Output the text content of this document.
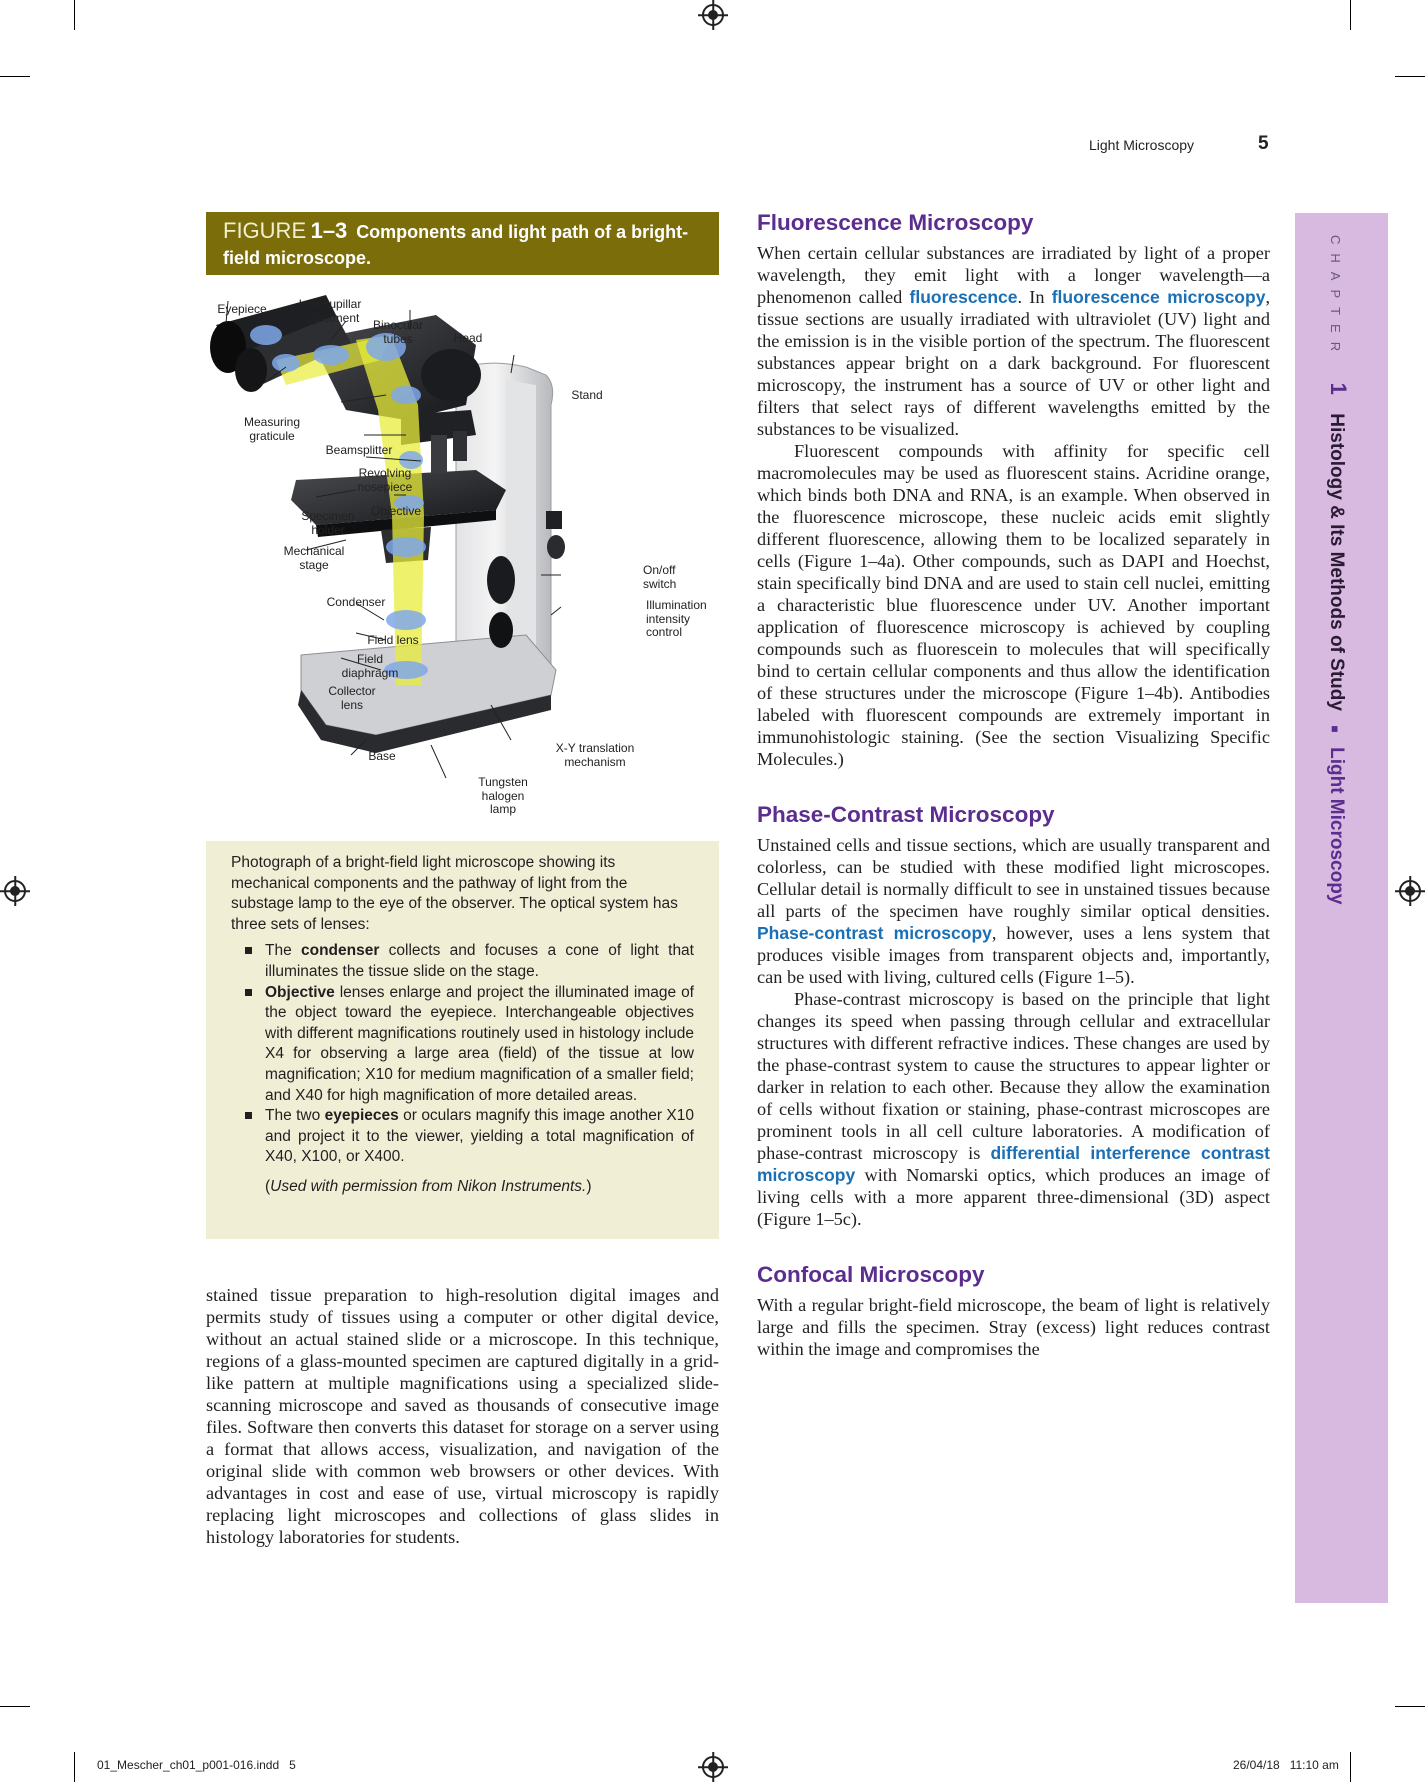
Light Microscopy	5
FIGURE 1–3 Components and light path of a bright-field microscope.
Eyepiece	Interpupillar adjustment
Binocular tubes	Head
Stand
Measuring graticule
Beamsplitter
Revolving nosepiece
Objective
Specimen holder
Mechanical stage	On/off switch
Condenser	Illumination intensity control
Field lens
Field diaphragm
Collector lens
Base
X-Y translation mechanism
Tungsten halogen lamp
Photograph of a bright-field light microscope showing its mechanical components and the pathway of light from the substage lamp to the eye of the observer. The optical system has three sets of lenses:
The condenser collects and focuses a cone of light that illuminates the tissue slide on the stage.
Objective lenses enlarge and project the illuminated image of the object toward the eyepiece. Interchangeable objectives with different magnifications routinely used in histology include X4 for observing a large area (field) of the tissue at low magnification; X10 for medium magnification of a smaller field; and X40 for high magnification of more detailed areas.
The two eyepieces or oculars magnify this image another X10 and project it to the viewer, yielding a total magnification of X40, X100, or X400.
(Used with permission from Nikon Instruments.)

stained tissue preparation to high-resolution digital images and permits study of tissues using a computer or other digital device, without an actual stained slide or a microscope. In this technique, regions of a glass-mounted specimen are captured digitally in a grid-like pattern at multiple magnifications using a specialized slide-scanning microscope and saved as thousands of consecutive image files. Software then converts this dataset for storage on a server using a format that allows access, visualization, and navigation of the original slide with common web browsers or other devices. With advantages in cost and ease of use, virtual microscopy is rapidly replacing light microscopes and collections of glass slides in histology laboratories for students.

Fluorescence Microscopy

When certain cellular substances are irradiated by light of a proper wavelength, they emit light with a longer wavelength—a phenomenon called fluorescence. In fluorescence microscopy, tissue sections are usually irradiated with ultraviolet (UV) light and the emission is in the visible portion of the spectrum. The fluorescent substances appear bright on a dark background. For fluorescent microscopy, the instrument has a source of UV or other light and filters that select rays of different wavelengths emitted by the substances to be visualized.

Fluorescent compounds with affinity for specific cell macromolecules may be used as fluorescent stains. Acridine orange, which binds both DNA and RNA, is an example. When observed in the fluorescence microscope, these nucleic acids emit slightly different fluorescence, allowing them to be localized separately in cells (Figure 1–4a). Other compounds, such as DAPI and Hoechst, stain specifically bind DNA and are used to stain cell nuclei, emitting a characteristic blue fluorescence under UV. Another important application of fluorescence microscopy is achieved by coupling compounds such as fluorescein to molecules that will specifically bind to certain cellular components and thus allow the identification of these structures under the microscope (Figure 1–4b). Antibodies labeled with fluorescent compounds are extremely important in immunohistologic staining. (See the section Visualizing Specific Molecules.)

Phase-Contrast Microscopy

Unstained cells and tissue sections, which are usually transparent and colorless, can be studied with these modified light microscopes. Cellular detail is normally difficult to see in unstained tissues because all parts of the specimen have roughly similar optical densities. Phase-contrast microscopy, however, uses a lens system that produces visible images from transparent objects and, importantly, can be used with living, cultured cells (Figure 1–5).

Phase-contrast microscopy is based on the principle that light changes its speed when passing through cellular and extracellular structures with different refractive indices. These changes are used by the phase-contrast system to cause the structures to appear lighter or darker in relation to each other. Because they allow the examination of cells without fixation or staining, phase-contrast microscopes are prominent tools in all cell culture laboratories. A modification of phase-contrast microscopy is differential interference contrast microscopy with Nomarski optics, which produces an image of living cells with a more apparent three-dimensional (3D) aspect (Figure 1–5c).

Confocal Microscopy

With a regular bright-field microscope, the beam of light is relatively large and fills the specimen. Stray (excess) light reduces contrast within the image and compromises the

CHAPTER 1 Histology & Its Methods of Study ■ Light Microscopy
01_Mescher_ch01_p001-016.indd   5	26/04/18   11:10 am
